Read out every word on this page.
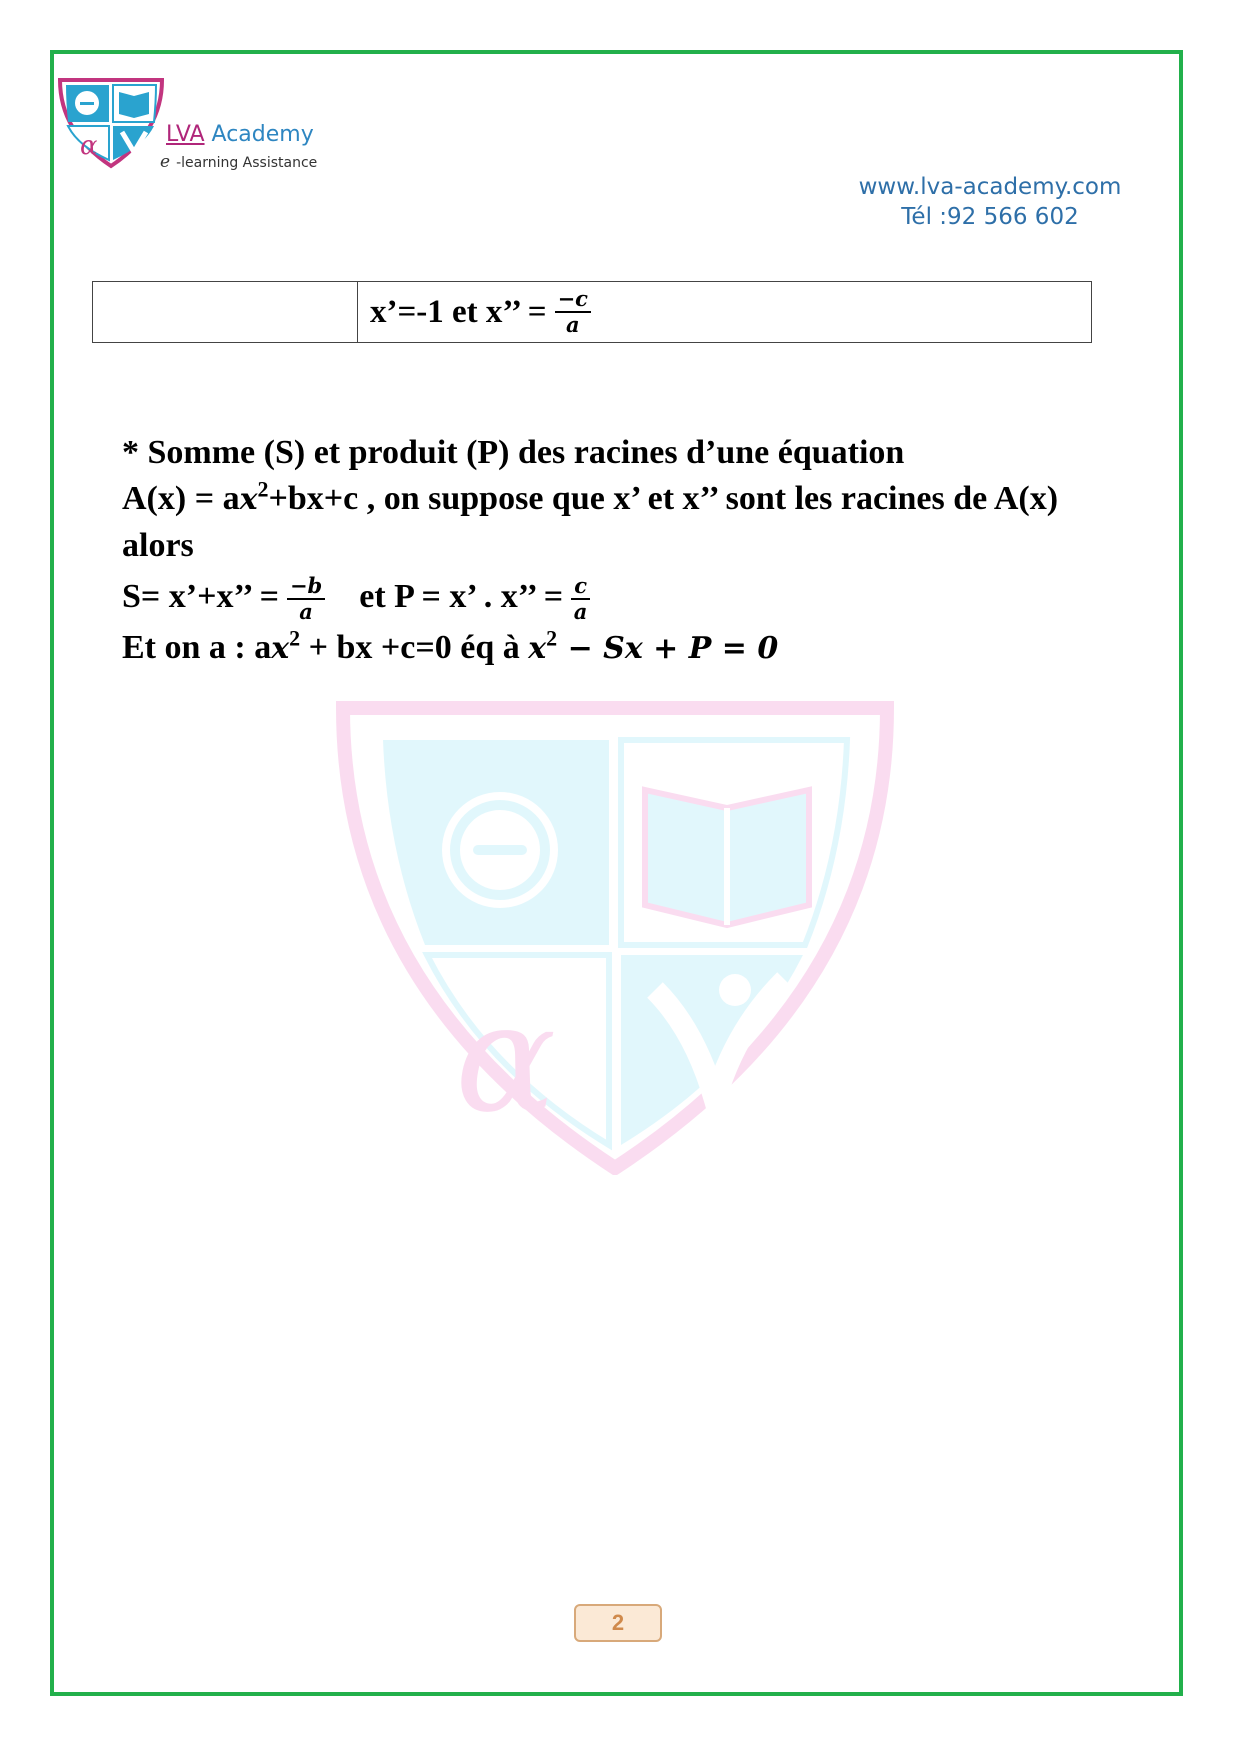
α	LVA Academy
e -learning Assistance
www.lva-academy.com
Tél :92 566 602
x’=-1 et x’’ = $\frac{-c}{a}$

* Somme (S) et produit (P) des racines d’une équation

$A(x) = ax^2+bx+c$ , on suppose que x’ et x’’ sont les racines de A(x)

alors

S= x’+x’’ = $\frac{-b}{a}$ et P = x’ . x’’ = $\frac{c}{a}$

Et on a : $ax^2$ + bx +c=0 éq à $x^2 - Sx + P = 0$

α
2
